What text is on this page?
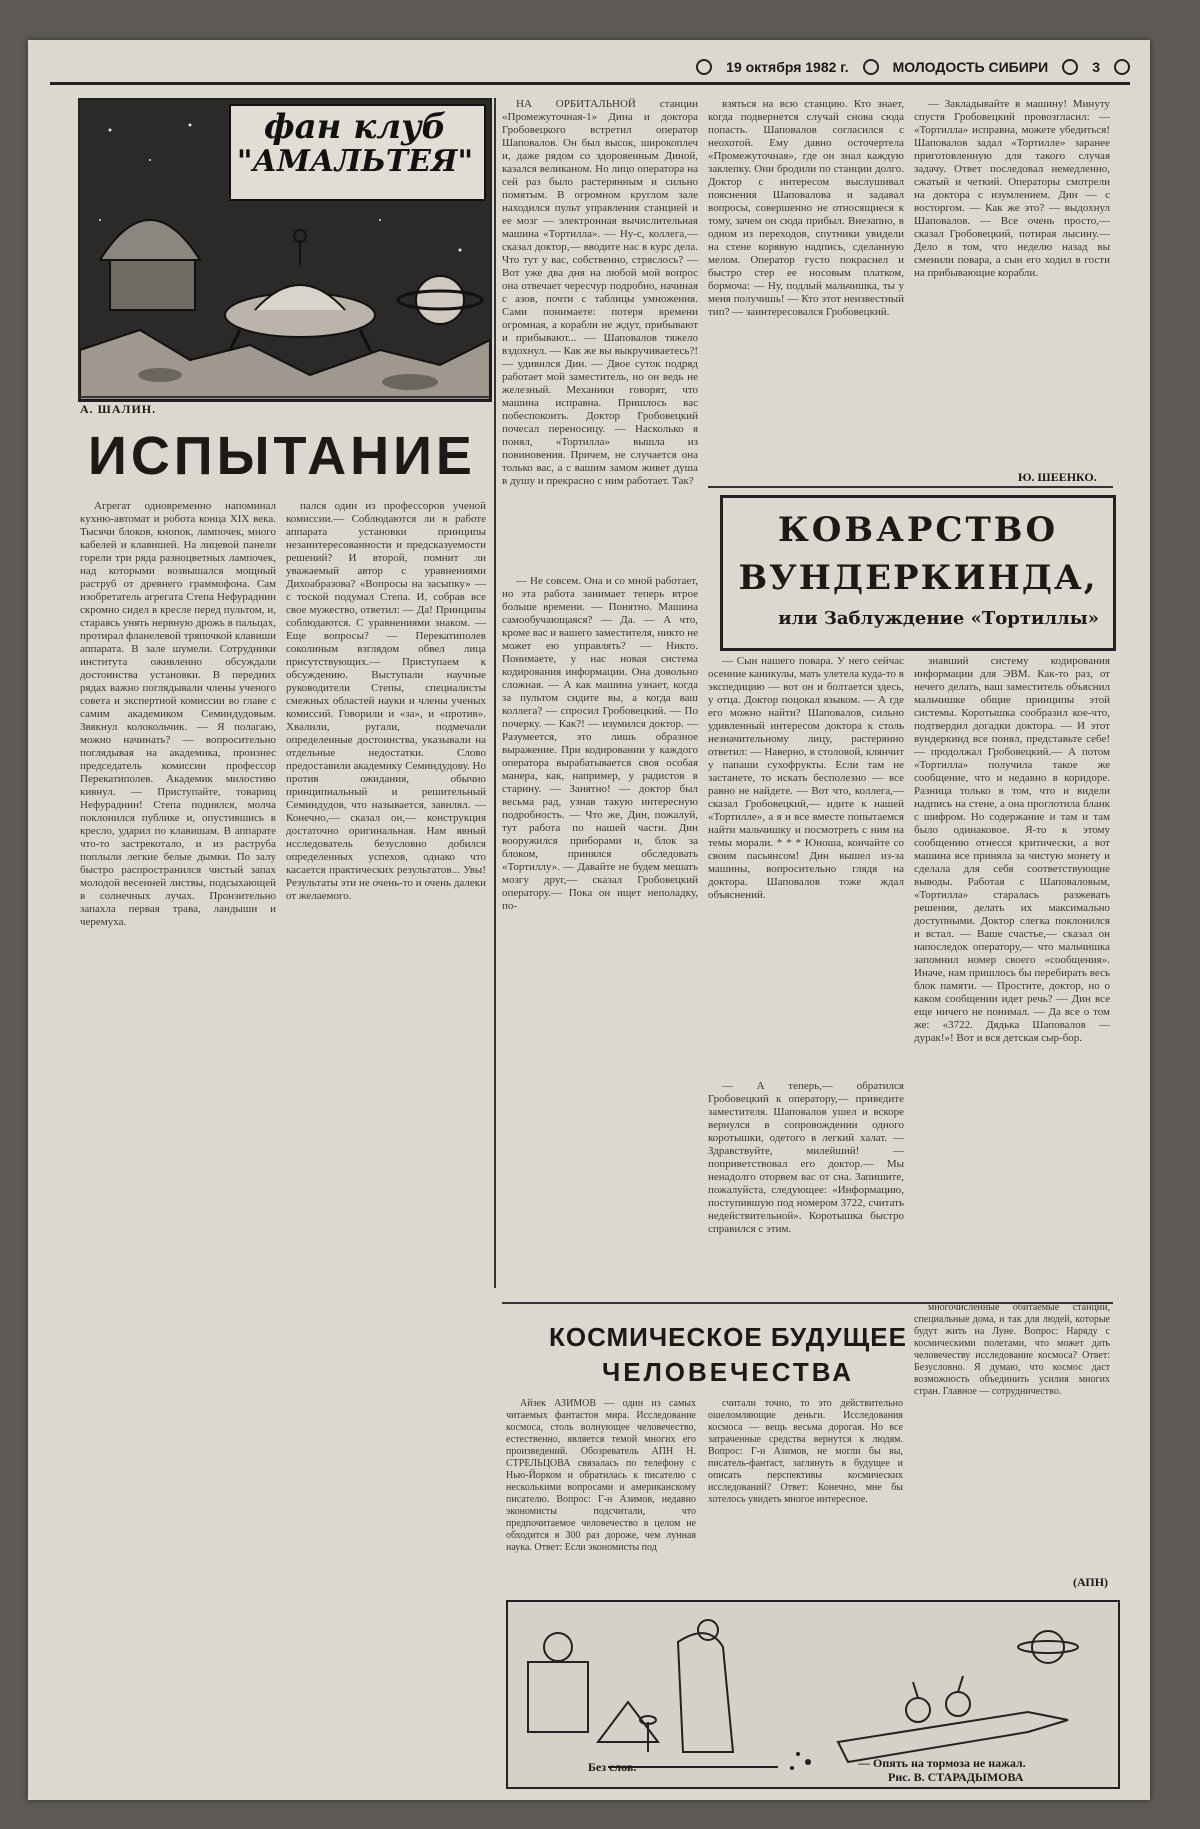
19 октября 1982 г.	МОЛОДОСТЬ СИБИРИ	3
фан клуб
"АМАЛЬТЕЯ"
А. ШАЛИН.
ИСПЫТАНИЕ

Агрегат одновременно напоминал кухню-автомат и робота конца XIX века. Тысячи блоков, кнопок, лампочек, много кабелей и клавишей. На лицевой панели горели три ряда разноцветных лампочек, над которыми возвышался мощный раструб от древнего граммофона. Сам изобретатель агрегата Степа Нефураднин скромно сидел в кресле перед пультом, и, стараясь унять нервную дрожь в пальцах, протирал фланелевой тряпочкой клавиши аппарата. В зале шумели. Сотрудники института оживленно обсуждали достоинства установки. В передних рядах важно поглядывали члены ученого совета и экспертной комиссии во главе с самим академиком Семиндудовым. Звякнул колокольчик. — Я полагаю, можно начинать? — вопросительно поглядывая на академика, произнес председатель комиссии профессор Перекатиполев. Академик милостиво кивнул. — Приступайте, товарищ Нефураднин! Степа поднялся, молча поклонился публике и, опустившись в кресло, ударил по клавишам. В аппарате что-то застрекотало, и из раструба поплыли легкие белые дымки. По залу быстро распространился чистый запах молодой весенней листвы, подсыхающей в солнечных лучах. Пронзительно запахла первая трава, ландыши и черемуха.

пался один из профессоров ученой комиссии.— Соблюдаются ли в работе аппарата установки принципы незаинтересованности и предсказуемости решений? И второй, помнит ли уважаемый автор с уравнениями Дихоабразова? «Вопросы на засыпку» — с тоской подумал Степа. И, собрав все свое мужество, ответил: — Да! Принципы соблюдаются. С уравнениями знаком. — Еще вопросы? — Перекатиполев соколиным взглядом обвел лица присутствующих.— Приступаем к обсуждению. Выступали научные руководители Степы, специалисты смежных областей науки и члены ученых комиссий. Говорили и «за», и «против». Хвалили, ругали, подмечали определенные достоинства, указывали на отдельные недостатки. Слово предоставили академику Семиндудову. Но против ожидания, обычно принципиальный и решительный Семиндудов, что называется, завилял. — Конечно,— сказал он,— конструкция достаточно оригинальная. Нам явный исследователь безусловно добился определенных успехов, однако что касается практических результатов... Увы! Результаты эти не очень-то и очень далеки от желаемого.

НА ОРБИТАЛЬНОЙ станции «Промежуточная-1» Дина и доктора Гробовецкого встретил оператор Шаповалов. Он был высок, широкоплеч и, даже рядом со здоровенным Диной, казался великаном. Но лицо оператора на сей раз было растерянным и сильно помятым. В огромном круглом зале находился пульт управления станцией и ее мозг — электронная вычислительная машина «Тортилла». — Ну-с, коллега,— сказал доктор,— вводите нас в курс дела. Что тут у вас, собственно, стряслось? — Вот уже два дня на любой мой вопрос она отвечает чересчур подробно, начиная с азов, почти с таблицы умножения. Сами понимаете: потеря времени огромная, а корабли не ждут, прибывают и прибывают... — Шаповалов тяжело вздохнул. — Как же вы выкручиваетесь?! — удивился Дин. — Двое суток подряд работает мой заместитель, но он ведь не железный. Механики говорят, что машина исправна. Пришлось вас побеспокоить. Доктор Гробовецкий почесал переносицу. — Насколько я понял, «Тортилла» вышла из повиновения. Причем, не случается она только вас, а с вашим замом живет душа в душу и прекрасно с ним работает. Так?

взяться на всю станцию. Кто знает, когда подвернется случай снова сюда попасть. Шаповалов согласился с неохотой. Ему давно осточертела «Промежуточная», где он знал каждую заклепку. Они бродили по станции долго. Доктор с интересом выслушивал пояснения Шаповалова и задавал вопросы, совершенно не относящиеся к тому, зачем он сюда прибыл. Внезапно, в одном из переходов, спутники увидели на стене корявую надпись, сделанную мелом. Оператор густо покраснел и быстро стер ее носовым платком, бормоча: — Ну, подлый мальчишка, ты у меня получишь! — Кто этот неизвестный тип? — заинтересовался Гробовецкий.

— Закладывайте в машину! Минуту спустя Гробовецкий провозгласил: — «Тортилла» исправна, можете убедиться! Шаповалов задал «Тортилле» заранее приготовленную для такого случая задачу. Ответ последовал немедленно, сжатый и четкий. Операторы смотрели на доктора с изумлением. Дин — с восторгом. — Как же это? — выдохнул Шаповалов. — Все очень просто,— сказал Гробовецкий, потирая лысину.— Дело в том, что неделю назад вы сменили повара, а сын его ходил в гости на прибывающие корабли.

Ю. ШЕЕНКО.
КОВАРСТВО
ВУНДЕРКИНДА,
или Заблуждение «Тортиллы»

— Не совсем. Она и со мной работает, но эта работа занимает теперь втрое больше времени. — Понятно. Машина самообучающаяся? — Да. — А что, кроме вас и вашего заместителя, никто не может ею управлять? — Никто. Понимаете, у нас новая система кодирования информации. Она довольно сложная. — А как машина узнает, когда за пультом сидите вы, а когда ваш коллега? — спросил Гробовецкий. — По почерку. — Как?! — изумился доктор. — Разумеется, это лишь образное выражение. При кодировании у каждого оператора вырабатывается своя особая манера, как, например, у радистов в старину. — Занятно! — доктор был весьма рад, узнав такую интересную подробность. — Что же, Дин, пожалуй, тут работа по нашей части. Дин вооружился приборами и, блок за блоком, принялся обследовать «Тортиллу». — Давайте не будем мешать мозгу друг,— сказал Гробовецкий оператору.— Пока он ищет неполадку, по-

— Сын нашего повара. У него сейчас осенние каникулы, мать улетела куда-то в экспедицию — вот он и болтается здесь, у отца. Доктор поцокал языком. — А где его можно найти? Шаповалов, сильно удивленный интересом доктора к столь незначительному лицу, растерянно ответил: — Наверно, в столовой, клянчит у папаши сухофрукты. Если там не застанете, то искать бесполезно — все равно не найдете. — Вот что, коллега,— сказал Гробовецкий,— идите к нашей «Тортилле», а я и все вместе попытаемся найти мальчишку и посмотреть с ним на темы морали. * * * Юноша, кончайте со своим пасьянсом! Дин вышел из-за машины, вопросительно глядя на доктора. Шаповалов тоже ждал объяснений.

— А теперь,— обратился Гробовецкий к оператору,— приведите заместителя. Шаповалов ушел и вскоре вернулся в сопровождении одного коротышки, одетого в легкий халат. — Здравствуйте, милейший! — поприветствовал его доктор.— Мы ненадолго оторвем вас от сна. Запишите, пожалуйста, следующее: «Информацию, поступившую под номером 3722, считать недействительной». Коротышка быстро справился с этим.

знавший систему кодирования информации для ЭВМ. Как-то раз, от нечего делать, ваш заместитель объяснил мальчишке общие принципы этой системы. Коротышка сообразил кое-что, подтвердил догадки доктора. — И этот вундеркинд все понял, представьте себе! — продолжал Гробовецкий.— А потом «Тортилла» получила такое же сообщение, что и недавно в коридоре. Разница только в том, что и видели надпись на стене, а она проглотила бланк с шифром. Но содержание и там и там было одинаковое. Я-то к этому сообщению отнесся критически, а вот машина все приняла за чистую монету и сделала для себя соответствующие выводы. Работая с Шаповаловым, «Тортилла» старалась разжевать решения, делать их максимально доступными. Доктор слегка поклонился и встал. — Ваше счастье,— сказал он напоследок оператору,— что мальчишка запомнил номер своего «сообщения». Иначе, нам пришлось бы перебирать весь блок памяти. — Простите, доктор, но о каком сообщении идет речь? — Дин все еще ничего не понимал. — Да все о том же: «3722. Дядька Шаповалов — дурак!»! Вот и вся детская сыр-бор.

КОСМИЧЕСКОЕ БУДУЩЕЕ
ЧЕЛОВЕЧЕСТВА

Айзек АЗИМОВ — один из самых читаемых фантастов мира. Исследование космоса, столь волнующее человечество, естественно, является темой многих его произведений. Обозреватель АПН Н. СТРЕЛЬЦОВА связалась по телефону с Нью-Йорком и обратилась к писателю с несколькими вопросами и американскому писателю. Вопрос: Г-н Азимов, недавно экономисты подсчитали, что предпочитаемое человечество в целом не обходится в 300 раз дороже, чем лунная наука. Ответ: Если экономисты под

считали точно, то это действительно ошеломляющие деньги. Исследования космоса — вещь весьма дорогая. Но все затраченные средства вернутся к людям. Вопрос: Г-н Азимов, не могли бы вы, писатель-фантаст, заглянуть в будущее и описать перспективы космических исследований? Ответ: Конечно, мне бы хотелось увидеть многое интересное.

многочисленные обитаемые станции, специальные дома, и так для людей, которые будут жить на Луне. Вопрос: Наряду с космическими полетами, что может дать человечеству исследование космоса? Ответ: Безусловно. Я думаю, что космос даст возможность объединить усилия многих стран. Главное — сотрудничество.

(АПН)
Без слов.	— Опять на тормоза не нажал.
Рис. В. СТАРАДЫМОВА
